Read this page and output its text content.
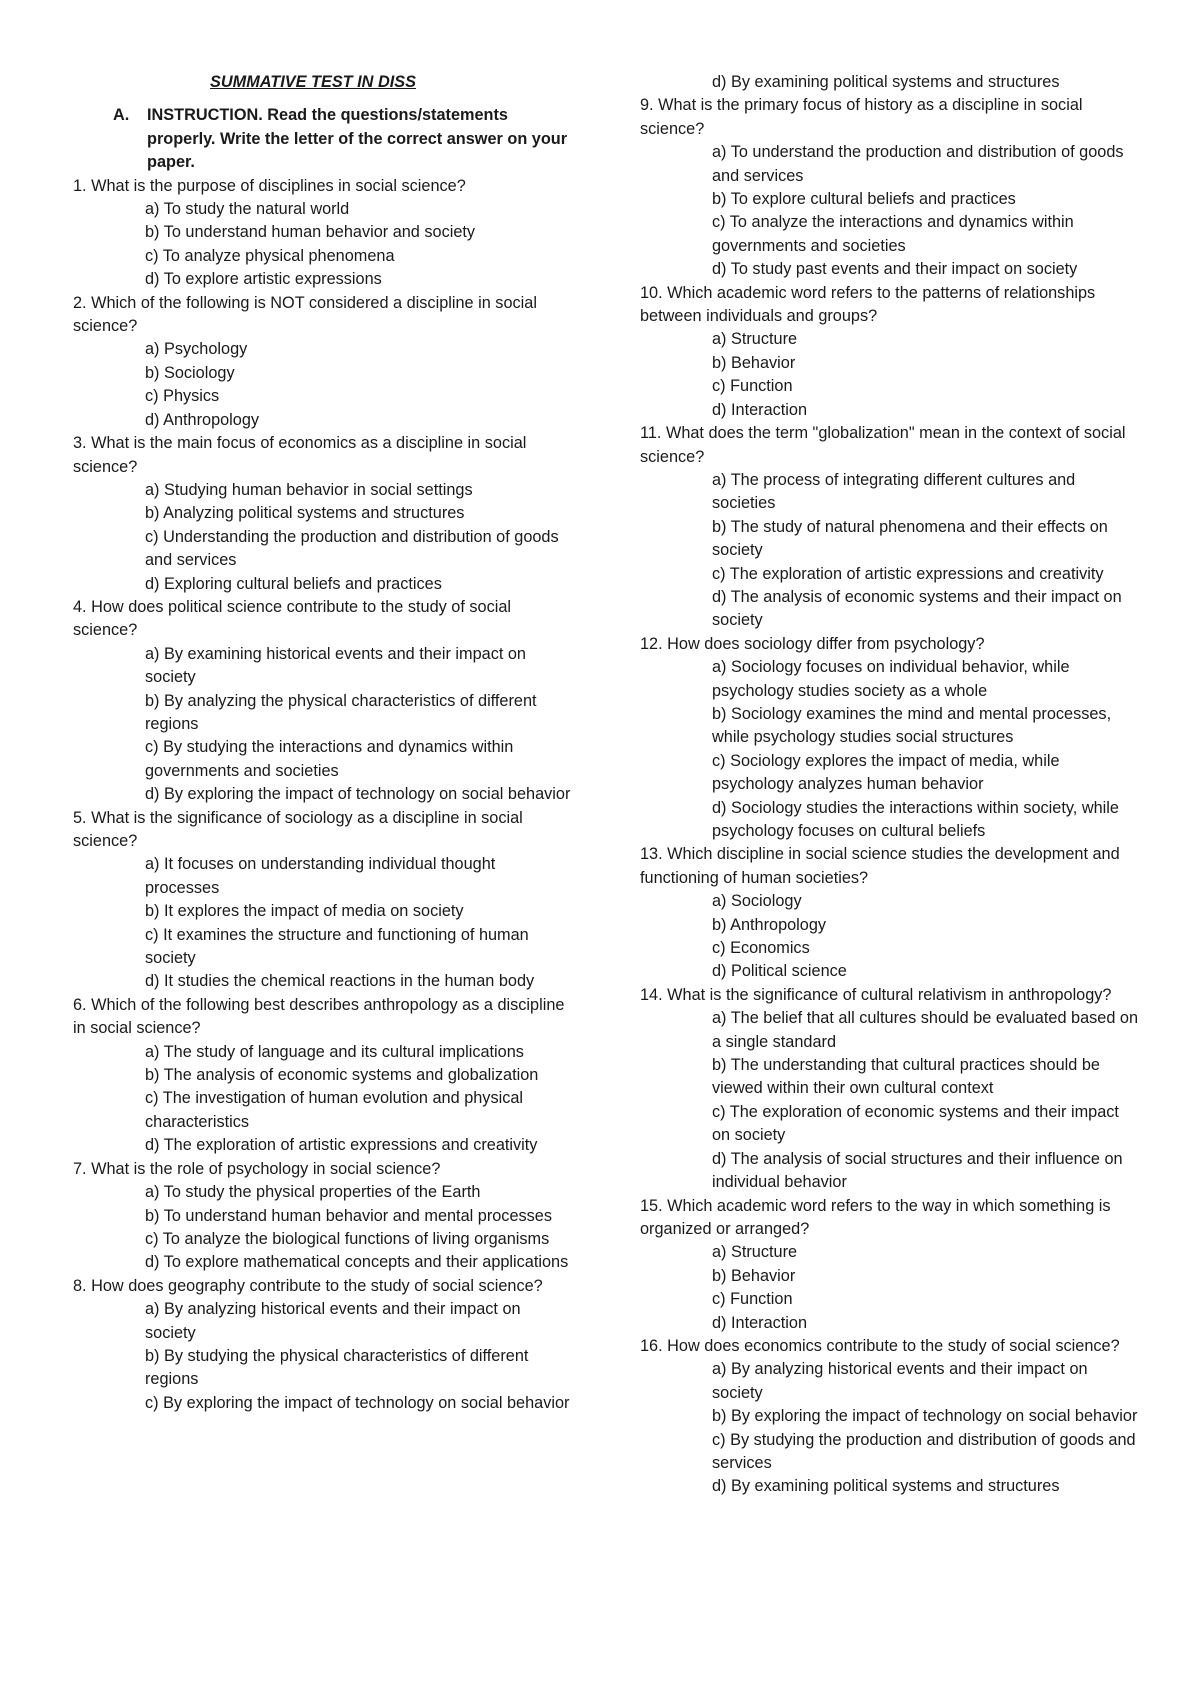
SUMMATIVE TEST IN DISS
A.	INSTRUCTION. Read the questions/statements properly. Write the letter of the correct answer on your paper.
1. What is the purpose of disciplines in social science?
a) To study the natural world
b) To understand human behavior and society
c) To analyze physical phenomena
d) To explore artistic expressions
2. Which of the following is NOT considered a discipline in social science?
a) Psychology
b) Sociology
c) Physics
d) Anthropology
3. What is the main focus of economics as a discipline in social science?
a) Studying human behavior in social settings
b) Analyzing political systems and structures
c) Understanding the production and distribution of goods and services
d) Exploring cultural beliefs and practices
4. How does political science contribute to the study of social science?
a) By examining historical events and their impact on society
b) By analyzing the physical characteristics of different regions
c) By studying the interactions and dynamics within governments and societies
d) By exploring the impact of technology on social behavior
5. What is the significance of sociology as a discipline in social science?
a) It focuses on understanding individual thought processes
b) It explores the impact of media on society
c) It examines the structure and functioning of human society
d) It studies the chemical reactions in the human body
6. Which of the following best describes anthropology as a discipline in social science?
a) The study of language and its cultural implications
b) The analysis of economic systems and globalization
c) The investigation of human evolution and physical characteristics
d) The exploration of artistic expressions and creativity
7. What is the role of psychology in social science?
a) To study the physical properties of the Earth
b) To understand human behavior and mental processes
c) To analyze the biological functions of living organisms
d) To explore mathematical concepts and their applications
8. How does geography contribute to the study of social science?
a) By analyzing historical events and their impact on society
b) By studying the physical characteristics of different regions
c) By exploring the impact of technology on social behavior
d) By examining political systems and structures
9. What is the primary focus of history as a discipline in social science?
a) To understand the production and distribution of goods and services
b) To explore cultural beliefs and practices
c) To analyze the interactions and dynamics within governments and societies
d) To study past events and their impact on society
10. Which academic word refers to the patterns of relationships between individuals and groups?
a) Structure
b) Behavior
c) Function
d) Interaction
11. What does the term "globalization" mean in the context of social science?
a) The process of integrating different cultures and societies
b) The study of natural phenomena and their effects on society
c) The exploration of artistic expressions and creativity
d) The analysis of economic systems and their impact on society
12. How does sociology differ from psychology?
a) Sociology focuses on individual behavior, while psychology studies society as a whole
b) Sociology examines the mind and mental processes, while psychology studies social structures
c) Sociology explores the impact of media, while psychology analyzes human behavior
d) Sociology studies the interactions within society, while psychology focuses on cultural beliefs
13. Which discipline in social science studies the development and functioning of human societies?
a) Sociology
b) Anthropology
c) Economics
d) Political science
14. What is the significance of cultural relativism in anthropology?
a) The belief that all cultures should be evaluated based on a single standard
b) The understanding that cultural practices should be viewed within their own cultural context
c) The exploration of economic systems and their impact on society
d) The analysis of social structures and their influence on individual behavior
15. Which academic word refers to the way in which something is organized or arranged?
a) Structure
b) Behavior
c) Function
d) Interaction
16. How does economics contribute to the study of social science?
a) By analyzing historical events and their impact on society
b) By exploring the impact of technology on social behavior
c) By studying the production and distribution of goods and services
d) By examining political systems and structures
